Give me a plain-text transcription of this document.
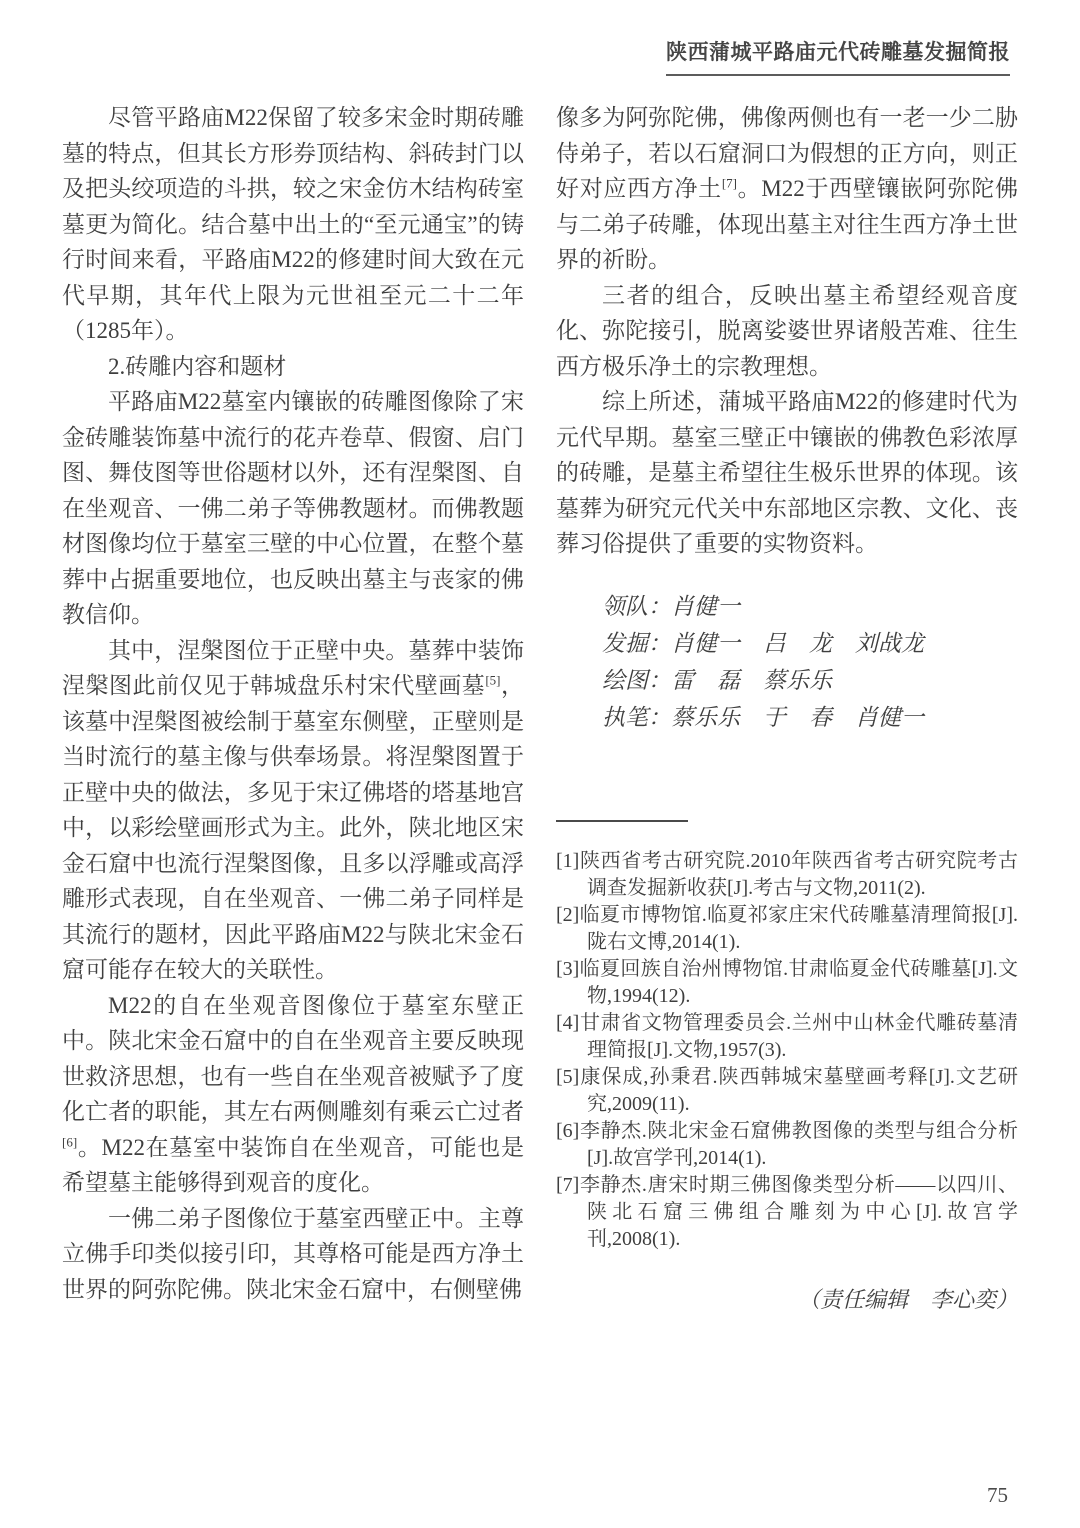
陕西蒲城平路庙元代砖雕墓发掘简报

尽管平路庙M22保留了较多宋金时期砖雕墓的特点，但其长方形券顶结构、斜砖封门以及把头绞项造的斗拱，较之宋金仿木结构砖室墓更为简化。结合墓中出土的“至元通宝”的铸行时间来看，平路庙M22的修建时间大致在元代早期，其年代上限为元世祖至元二十二年（1285年）。

2.砖雕内容和题材

平路庙M22墓室内镶嵌的砖雕图像除了宋金砖雕装饰墓中流行的花卉卷草、假窗、启门图、舞伎图等世俗题材以外，还有涅槃图、自在坐观音、一佛二弟子等佛教题材。而佛教题材图像均位于墓室三壁的中心位置，在整个墓葬中占据重要地位，也反映出墓主与丧家的佛教信仰。

其中，涅槃图位于正壁中央。墓葬中装饰涅槃图此前仅见于韩城盘乐村宋代壁画墓[5]，该墓中涅槃图被绘制于墓室东侧壁，正壁则是当时流行的墓主像与供奉场景。将涅槃图置于正壁中央的做法，多见于宋辽佛塔的塔基地宫中，以彩绘壁画形式为主。此外，陕北地区宋金石窟中也流行涅槃图像，且多以浮雕或高浮雕形式表现，自在坐观音、一佛二弟子同样是其流行的题材，因此平路庙M22与陕北宋金石窟可能存在较大的关联性。

M22的自在坐观音图像位于墓室东壁正中。陕北宋金石窟中的自在坐观音主要反映现世救济思想，也有一些自在坐观音被赋予了度化亡者的职能，其左右两侧雕刻有乘云亡过者[6]。M22在墓室中装饰自在坐观音，可能也是希望墓主能够得到观音的度化。

一佛二弟子图像位于墓室西壁正中。主尊立佛手印类似接引印，其尊格可能是西方净土世界的阿弥陀佛。陕北宋金石窟中，右侧壁佛

像多为阿弥陀佛，佛像两侧也有一老一少二胁侍弟子，若以石窟洞口为假想的正方向，则正好对应西方净土[7]。M22于西壁镶嵌阿弥陀佛与二弟子砖雕，体现出墓主对往生西方净土世界的祈盼。

三者的组合，反映出墓主希望经观音度化、弥陀接引，脱离娑婆世界诸般苦难、往生西方极乐净土的宗教理想。

综上所述，蒲城平路庙M22的修建时代为元代早期。墓室三壁正中镶嵌的佛教色彩浓厚的砖雕，是墓主希望往生极乐世界的体现。该墓葬为研究元代关中东部地区宗教、文化、丧葬习俗提供了重要的实物资料。

领队：肖健一
发掘：肖健一　吕　龙　刘战龙
绘图：雷　磊　蔡乐乐
执笔：蔡乐乐　于　春　肖健一
[1]陕西省考古研究院.2010年陕西省考古研究院考古调查发掘新收获[J].考古与文物,2011(2).
[2]临夏市博物馆.临夏祁家庄宋代砖雕墓清理简报[J].陇右文博,2014(1).
[3]临夏回族自治州博物馆.甘肃临夏金代砖雕墓[J].文物,1994(12).
[4]甘肃省文物管理委员会.兰州中山林金代雕砖墓清理简报[J].文物,1957(3).
[5]康保成,孙秉君.陕西韩城宋墓壁画考释[J].文艺研究,2009(11).
[6]李静杰.陕北宋金石窟佛教图像的类型与组合分析[J].故宫学刊,2014(1).
[7]李静杰.唐宋时期三佛图像类型分析——以四川、陕北石窟三佛组合雕刻为中心[J].故宫学刊,2008(1).
（责任编辑　李心奕）
75
